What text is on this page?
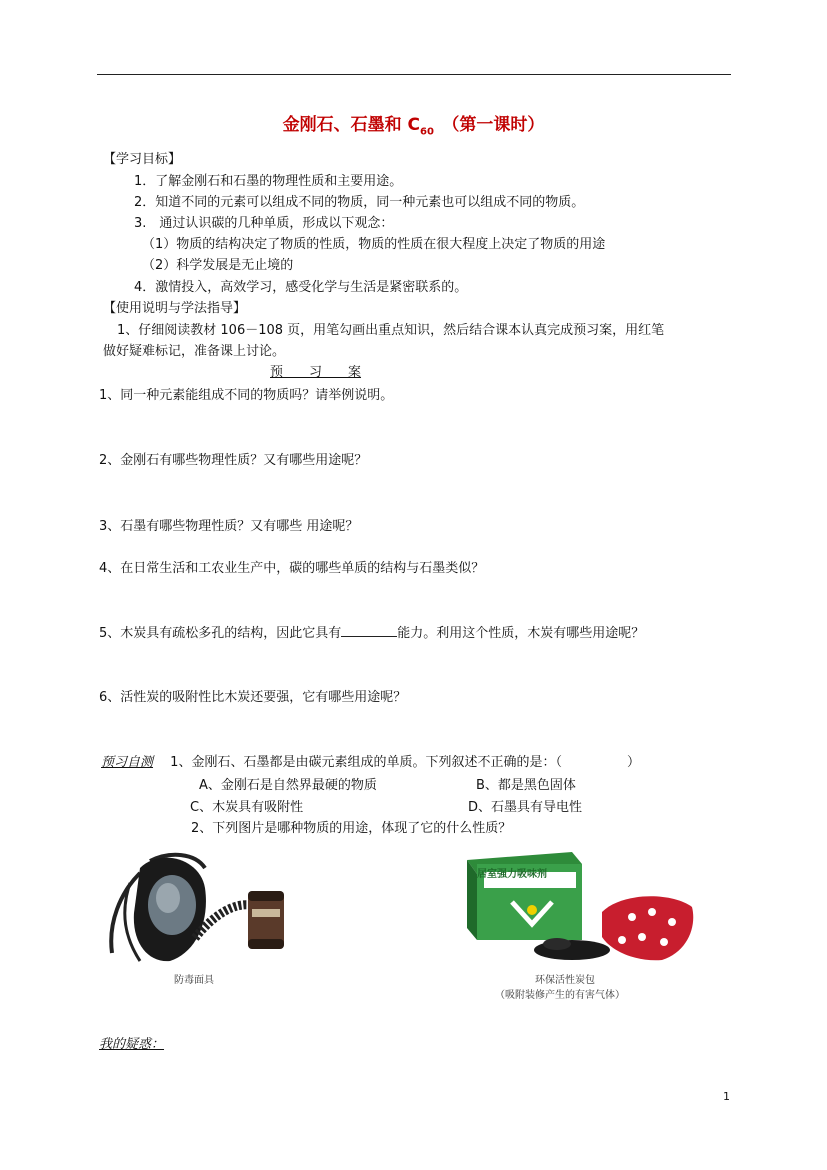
金刚石、石墨和 $C_{60}$　 （第一课时）
【学习目标】
1．了解金刚石和石墨的物理性质和主要用途。
2．知道不同的元素可以组成不同的物质，同一种元素也可以组成不同的物质。
3.　通过认识碳的几种单质，形成以下观念：
（1）物质的结构决定了物质的性质，物质的性质在很大程度上决定了物质的用途
（2）科学发展是无止境的
4．激情投入，高效学习，感受化学与生活是紧密联系的。
【使用说明与学法指导】
1、仔细阅读教材 106－108 页，用笔勾画出重点知识，然后结合课本认真完成预习案，用红笔
做好疑难标记，准备课上讨论。
预　　习　　案
1、同一种元素能组成不同的物质吗？请举例说明。
2、金刚石有哪些物理性质？又有哪些用途呢？
3、石墨有哪些物理性质？又有哪些 用途呢？
4、在日常生活和工农业生产中，碳的哪些单质的结构与石墨类似？
5、木炭具有疏松多孔的结构，因此它具有	能力。利用这个性质，木炭有哪些用途呢？
6、活性炭的吸附性比木炭还要强，它有哪些用途呢？
预习自测 　 1、金刚石、石墨都是由碳元素组成的单质。下列叙述不正确的是：（　　　　　）
A、金刚石是自然界最硬的物质	B、都是黑色固体
C、木炭具有吸附性	D、石墨具有导电性
2、下列图片是哪种物质的用途，体现了它的什么性质？
防毒面具
居室强力吸味剂
环保活性炭包
（吸附装修产生的有害气体）
我的疑惑：
1
